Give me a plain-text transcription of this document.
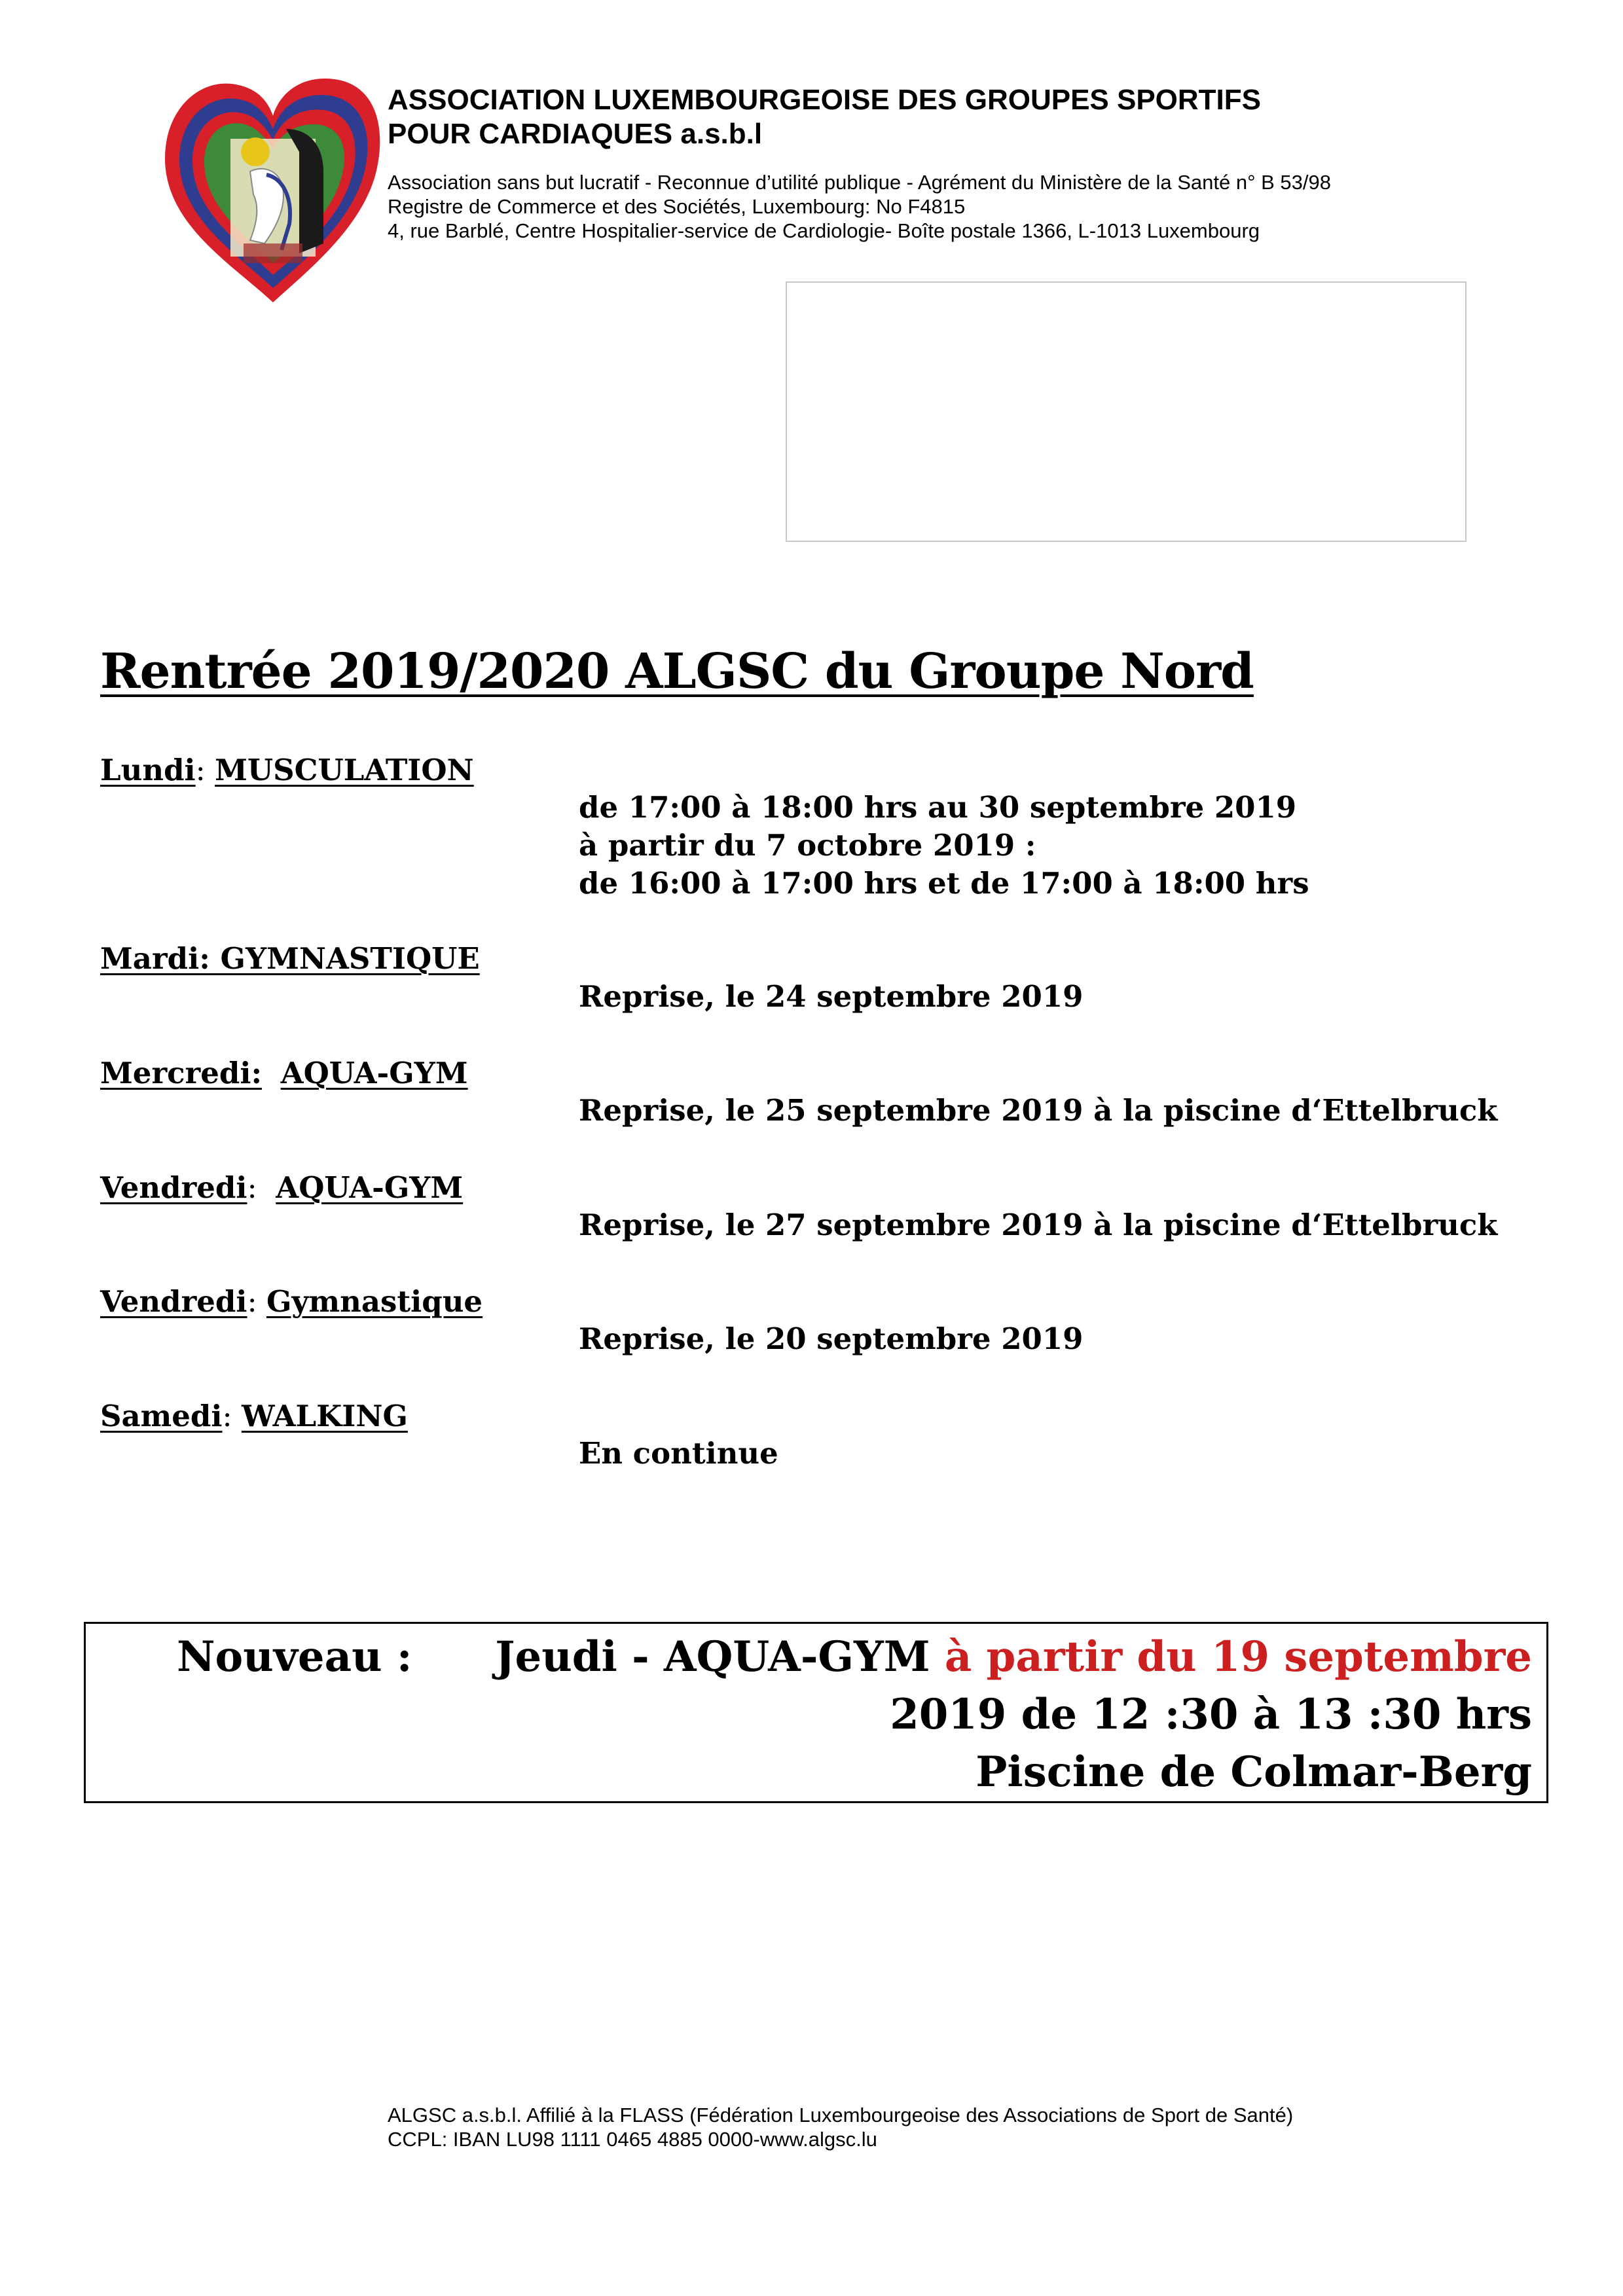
ASSOCIATION LUXEMBOURGEOISE DES GROUPES SPORTIFS
POUR CARDIAQUES a.s.b.l
Association sans but lucratif - Reconnue d’utilité publique - Agrément du Ministère de la Santé n° B 53/98
Registre de Commerce et des Sociétés, Luxembourg: No F4815
4, rue Barblé, Centre Hospitalier-service de Cardiologie- Boîte postale 1366, L-1013 Luxembourg
Rentrée 2019/2020 ALGSC du Groupe Nord
Lundi: MUSCULATION
de 17:00 à 18:00 hrs au 30 septembre 2019
à partir du 7 octobre 2019 :
de 16:00 à 17:00 hrs et de 17:00 à 18:00 hrs
Mardi: GYMNASTIQUE
Reprise, le 24 septembre 2019
Mercredi: AQUA-GYM
Reprise, le 25 septembre 2019 à la piscine d‘Ettelbruck
Vendredi:  AQUA-GYM
Reprise, le 27 septembre 2019 à la piscine d‘Ettelbruck
Vendredi: Gymnastique
Reprise, le 20 septembre 2019
Samedi: WALKING
En continue
Nouveau : Jeudi - AQUA-GYM à partir du 19 septembre
2019 de 12 :30 à 13 :30 hrs
Piscine de Colmar-Berg
ALGSC a.s.b.l. Affilié à la FLASS (Fédération Luxembourgeoise des Associations de Sport de Santé)
CCPL: IBAN LU98 1111 0465 4885 0000-www.algsc.lu
